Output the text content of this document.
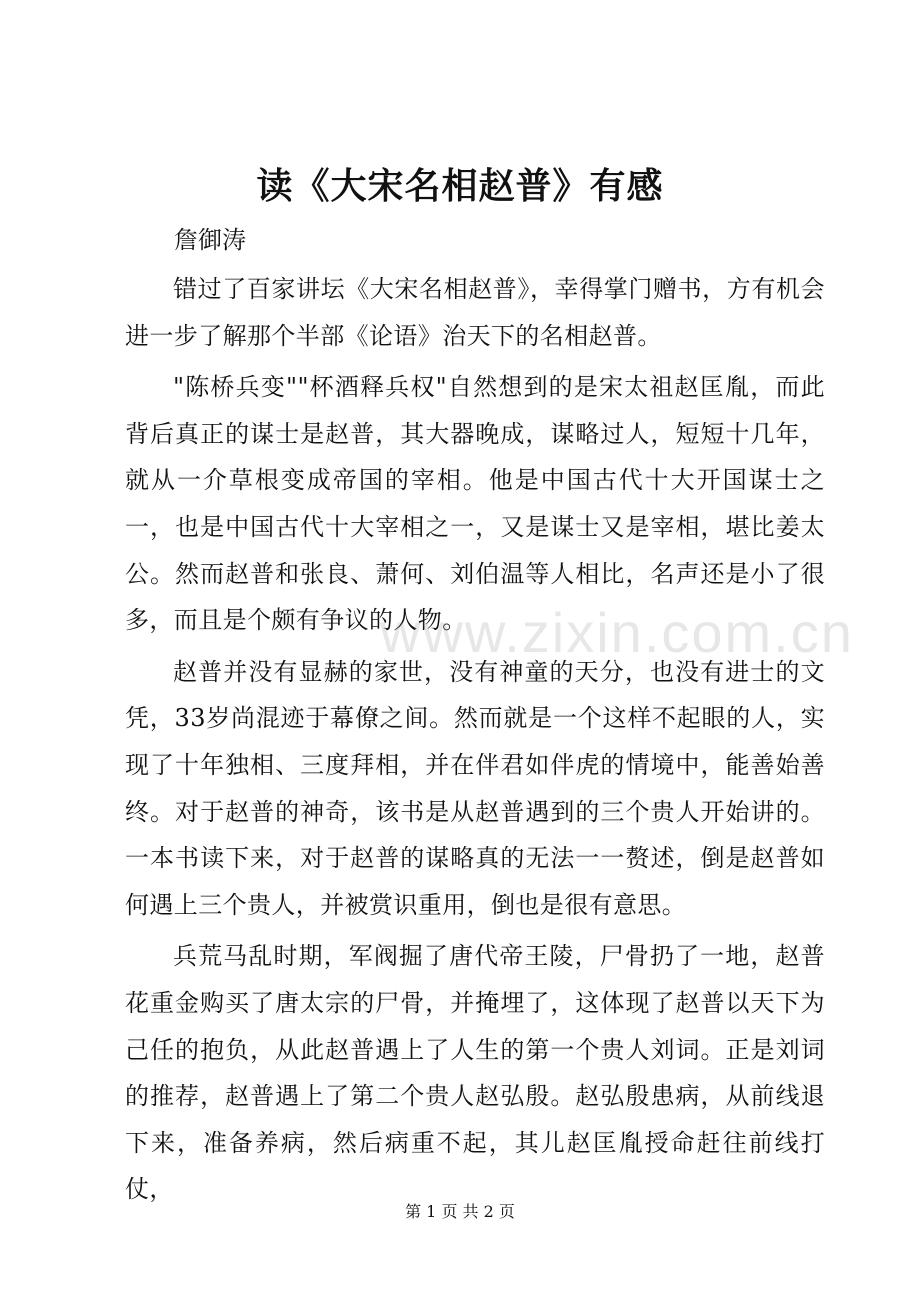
读《大宋名相赵普》有感
詹御涛

错过了百家讲坛《大宋名相赵普》，幸得掌门赠书，方有机会进一步了解那个半部《论语》治天下的名相赵普。

"陈桥兵变""杯酒释兵权"自然想到的是宋太祖赵匡胤，而此背后真正的谋士是赵普，其大器晚成，谋略过人，短短十几年，就从一介草根变成帝国的宰相。他是中国古代十大开国谋士之一，也是中国古代十大宰相之一，又是谋士又是宰相，堪比姜太公。然而赵普和张良、萧何、刘伯温等人相比，名声还是小了很多，而且是个颇有争议的人物。

赵普并没有显赫的家世，没有神童的天分，也没有进士的文凭，33岁尚混迹于幕僚之间。然而就是一个这样不起眼的人，实现了十年独相、三度拜相，并在伴君如伴虎的情境中，能善始善终。对于赵普的神奇，该书是从赵普遇到的三个贵人开始讲的。一本书读下来，对于赵普的谋略真的无法一一赘述，倒是赵普如何遇上三个贵人，并被赏识重用，倒也是很有意思。

兵荒马乱时期，军阀掘了唐代帝王陵，尸骨扔了一地，赵普花重金购买了唐太宗的尸骨，并掩埋了，这体现了赵普以天下为己任的抱负，从此赵普遇上了人生的第一个贵人刘词。正是刘词的推荐，赵普遇上了第二个贵人赵弘殷。赵弘殷患病，从前线退下来，准备养病，然后病重不起，其儿赵匡胤授命赶往前线打仗，

www.zixin.com.cn
第 1 页 共 2 页
